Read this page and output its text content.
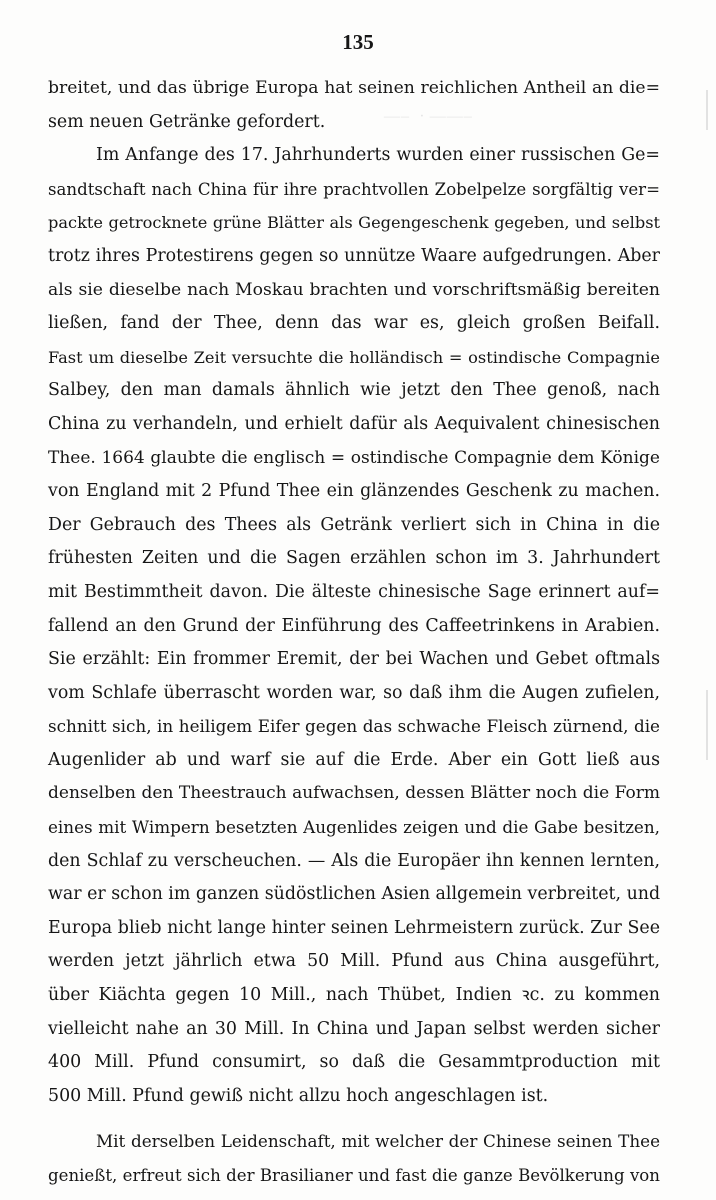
—–  · ——–
135
breitet, und das übrige Europa hat seinen reichlichen Antheil an die=
sem neuen Getränke gefordert.
Im Anfange des 17. Jahrhunderts wurden einer russischen Ge=
sandtschaft nach China für ihre prachtvollen Zobelpelze sorgfältig ver=
packte getrocknete grüne Blätter als Gegengeschenk gegeben, und selbst
trotz ihres Protestirens gegen so unnütze Waare aufgedrungen. Aber
als sie dieselbe nach Moskau brachten und vorschriftsmäßig bereiten
ließen, fand der Thee, denn das war es, gleich großen Beifall.
Fast um dieselbe Zeit versuchte die holländisch = ostindische Compagnie
Salbey, den man damals ähnlich wie jetzt den Thee genoß, nach
China zu verhandeln, und erhielt dafür als Aequivalent chinesischen
Thee. 1664 glaubte die englisch = ostindische Compagnie dem Könige
von England mit 2 Pfund Thee ein glänzendes Geschenk zu machen.
Der Gebrauch des Thees als Getränk verliert sich in China in die
frühesten Zeiten und die Sagen erzählen schon im 3. Jahrhundert
mit Bestimmtheit davon. Die älteste chinesische Sage erinnert auf=
fallend an den Grund der Einführung des Caffeetrinkens in Arabien.
Sie erzählt: Ein frommer Eremit, der bei Wachen und Gebet oftmals
vom Schlafe überrascht worden war, so daß ihm die Augen zufielen,
schnitt sich, in heiligem Eifer gegen das schwache Fleisch zürnend, die
Augenlider ab und warf sie auf die Erde. Aber ein Gott ließ aus
denselben den Theestrauch aufwachsen, dessen Blätter noch die Form
eines mit Wimpern besetzten Augenlides zeigen und die Gabe besitzen,
den Schlaf zu verscheuchen. — Als die Europäer ihn kennen lernten,
war er schon im ganzen südöstlichen Asien allgemein verbreitet, und
Europa blieb nicht lange hinter seinen Lehrmeistern zurück. Zur See
werden jetzt jährlich etwa 50 Mill. Pfund aus China ausgeführt,
über Kiächta gegen 10 Mill., nach Thübet, Indien ꝛc. zu kommen
vielleicht nahe an 30 Mill. In China und Japan selbst werden sicher
400 Mill. Pfund consumirt, so daß die Gesammtproduction mit
500 Mill. Pfund gewiß nicht allzu hoch angeschlagen ist.
Mit derselben Leidenschaft, mit welcher der Chinese seinen Thee
genießt, erfreut sich der Brasilianer und fast die ganze Bevölkerung von
